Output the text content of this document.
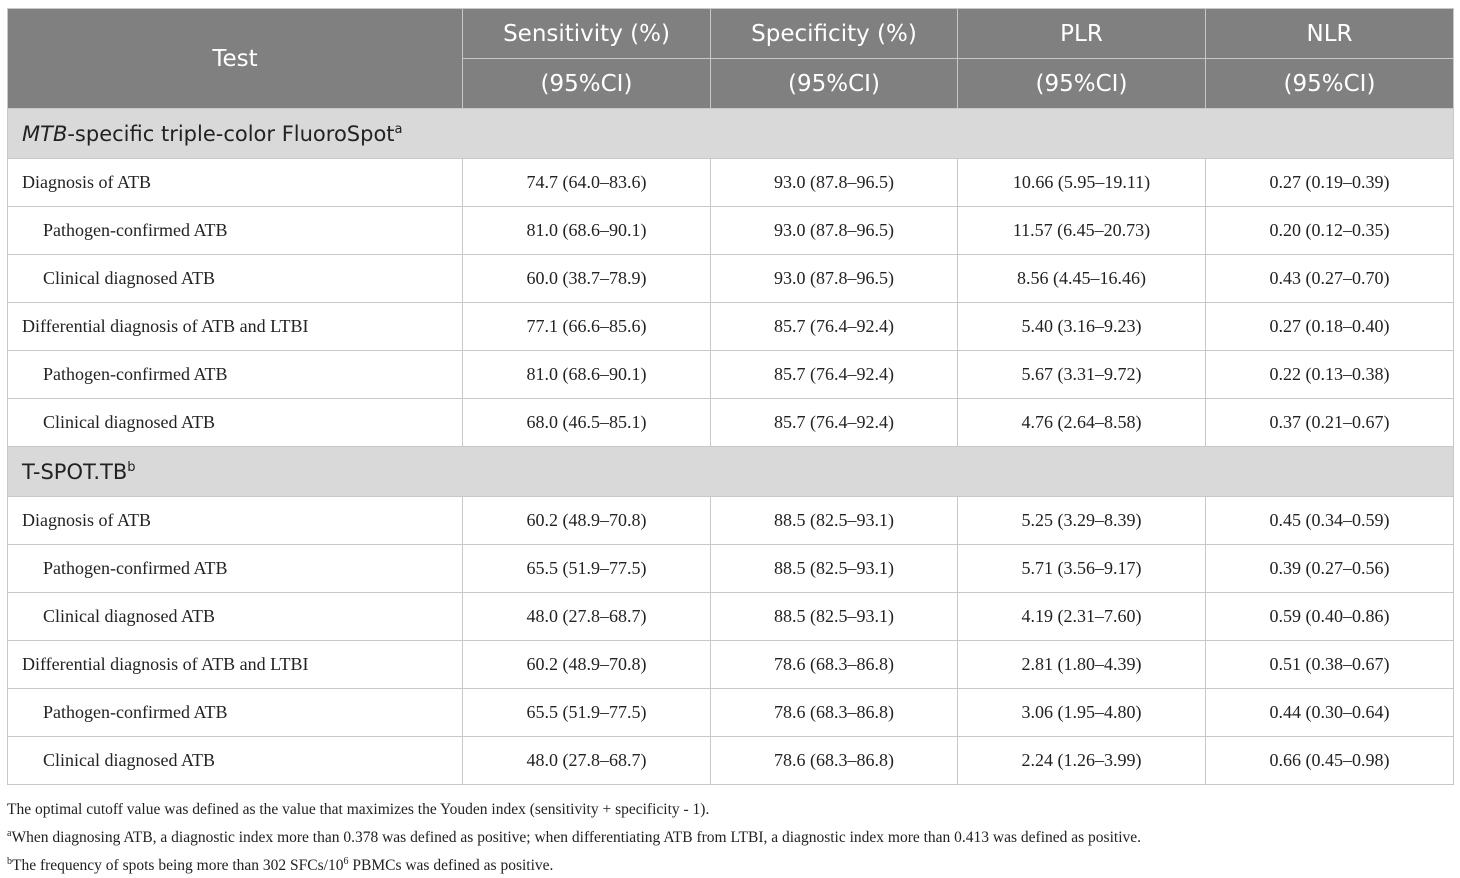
Test	Sensitivity (%)	Specificity (%)	PLR	NLR
	(95%CI)	(95%CI)	(95%CI)	(95%CI)
MTB-specific triple-color FluoroSpot$^a$
Diagnosis of ATB	74.7 (64.0–83.6)	93.0 (87.8–96.5)	10.66 (5.95–19.11)	0.27 (0.19–0.39)
Pathogen-confirmed ATB	81.0 (68.6–90.1)	93.0 (87.8–96.5)	11.57 (6.45–20.73)	0.20 (0.12–0.35)
Clinical diagnosed ATB	60.0 (38.7–78.9)	93.0 (87.8–96.5)	8.56 (4.45–16.46)	0.43 (0.27–0.70)
Differential diagnosis of ATB and LTBI	77.1 (66.6–85.6)	85.7 (76.4–92.4)	5.40 (3.16–9.23)	0.27 (0.18–0.40)
Pathogen-confirmed ATB	81.0 (68.6–90.1)	85.7 (76.4–92.4)	5.67 (3.31–9.72)	0.22 (0.13–0.38)
Clinical diagnosed ATB	68.0 (46.5–85.1)	85.7 (76.4–92.4)	4.76 (2.64–8.58)	0.37 (0.21–0.67)
$T-SPOT.TB^b$
Diagnosis of ATB	60.2 (48.9–70.8)	88.5 (82.5–93.1)	5.25 (3.29–8.39)	0.45 (0.34–0.59)
Pathogen-confirmed ATB	65.5 (51.9–77.5)	88.5 (82.5–93.1)	5.71 (3.56–9.17)	0.39 (0.27–0.56)
Clinical diagnosed ATB	48.0 (27.8–68.7)	88.5 (82.5–93.1)	4.19 (2.31–7.60)	0.59 (0.40–0.86)
Differential diagnosis of ATB and LTBI	60.2 (48.9–70.8)	78.6 (68.3–86.8)	2.81 (1.80–4.39)	0.51 (0.38–0.67)
Pathogen-confirmed ATB	65.5 (51.9–77.5)	78.6 (68.3–86.8)	3.06 (1.95–4.80)	0.44 (0.30–0.64)
Clinical diagnosed ATB	48.0 (27.8–68.7)	78.6 (68.3–86.8)	2.24 (1.26–3.99)	0.66 (0.45–0.98)

The optimal cutoff value was defined as the value that maximizes the Youden index (sensitivity + specificity - 1).

$^a$When diagnosing ATB, a diagnostic index more than 0.378 was defined as positive; when differentiating ATB from LTBI, a diagnostic index more than 0.413 was defined as positive.

$^b$The frequency of spots being more than 302 SFCs/$10^6$ PBMCs was defined as positive.
